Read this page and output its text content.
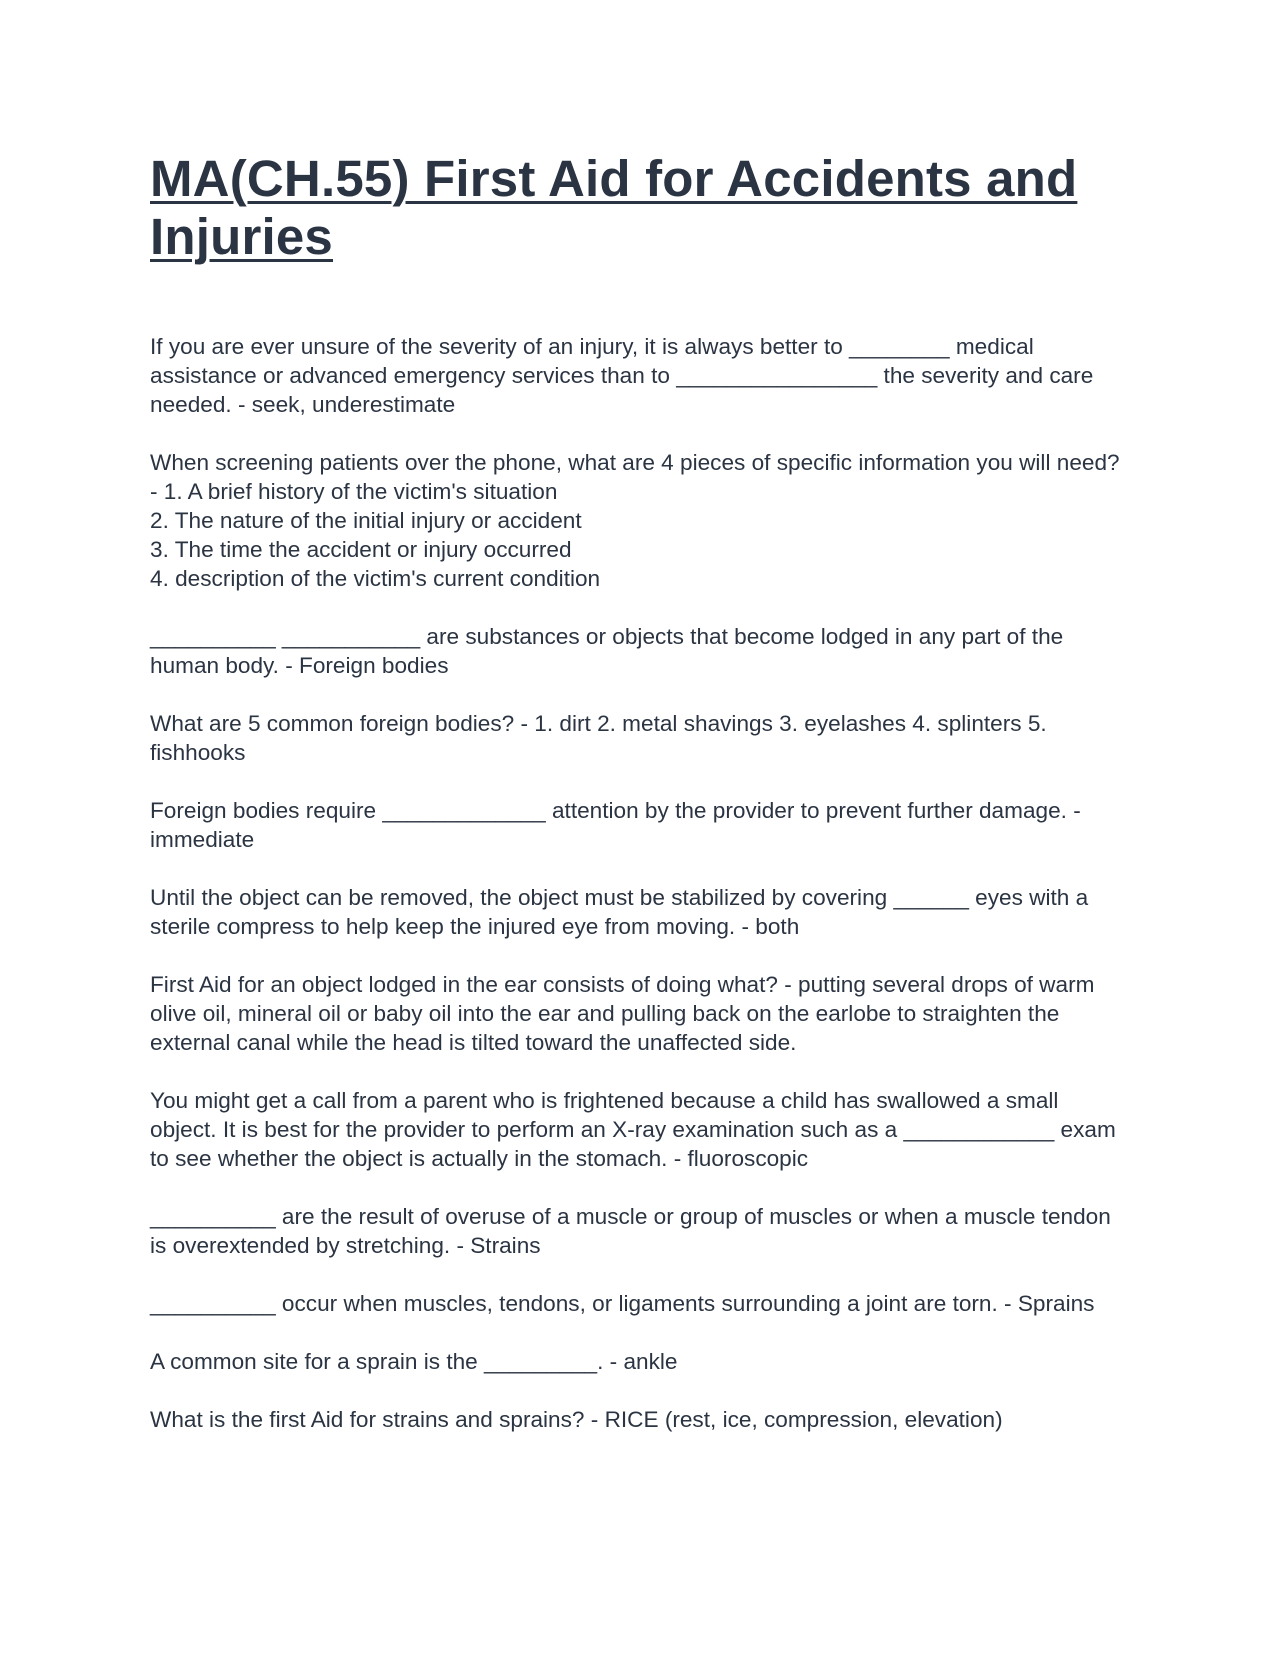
MA(CH.55) First Aid for Accidents and Injuries

If you are ever unsure of the severity of an injury, it is always better to ________ medical assistance or advanced emergency services than to ________________ the severity and care needed. - seek, underestimate

When screening patients over the phone, what are 4 pieces of specific information you will need? - 1. A brief history of the victim's situation
2. The nature of the initial injury or accident
3. The time the accident or injury occurred
4. description of the victim's current condition

__________ ___________ are substances or objects that become lodged in any part of the human body. - Foreign bodies

What are 5 common foreign bodies? - 1. dirt 2. metal shavings 3. eyelashes 4. splinters 5. fishhooks

Foreign bodies require _____________ attention by the provider to prevent further damage. - immediate

Until the object can be removed, the object must be stabilized by covering ______ eyes with a sterile compress to help keep the injured eye from moving. - both

First Aid for an object lodged in the ear consists of doing what? - putting several drops of warm olive oil, mineral oil or baby oil into the ear and pulling back on the earlobe to straighten the external canal while the head is tilted toward the unaffected side.

You might get a call from a parent who is frightened because a child has swallowed a small object. It is best for the provider to perform an X-ray examination such as a ____________ exam to see whether the object is actually in the stomach. - fluoroscopic

__________ are the result of overuse of a muscle or group of muscles or when a muscle tendon is overextended by stretching. - Strains

__________ occur when muscles, tendons, or ligaments surrounding a joint are torn. - Sprains

A common site for a sprain is the _________. - ankle

What is the first Aid for strains and sprains? - RICE (rest, ice, compression, elevation)
